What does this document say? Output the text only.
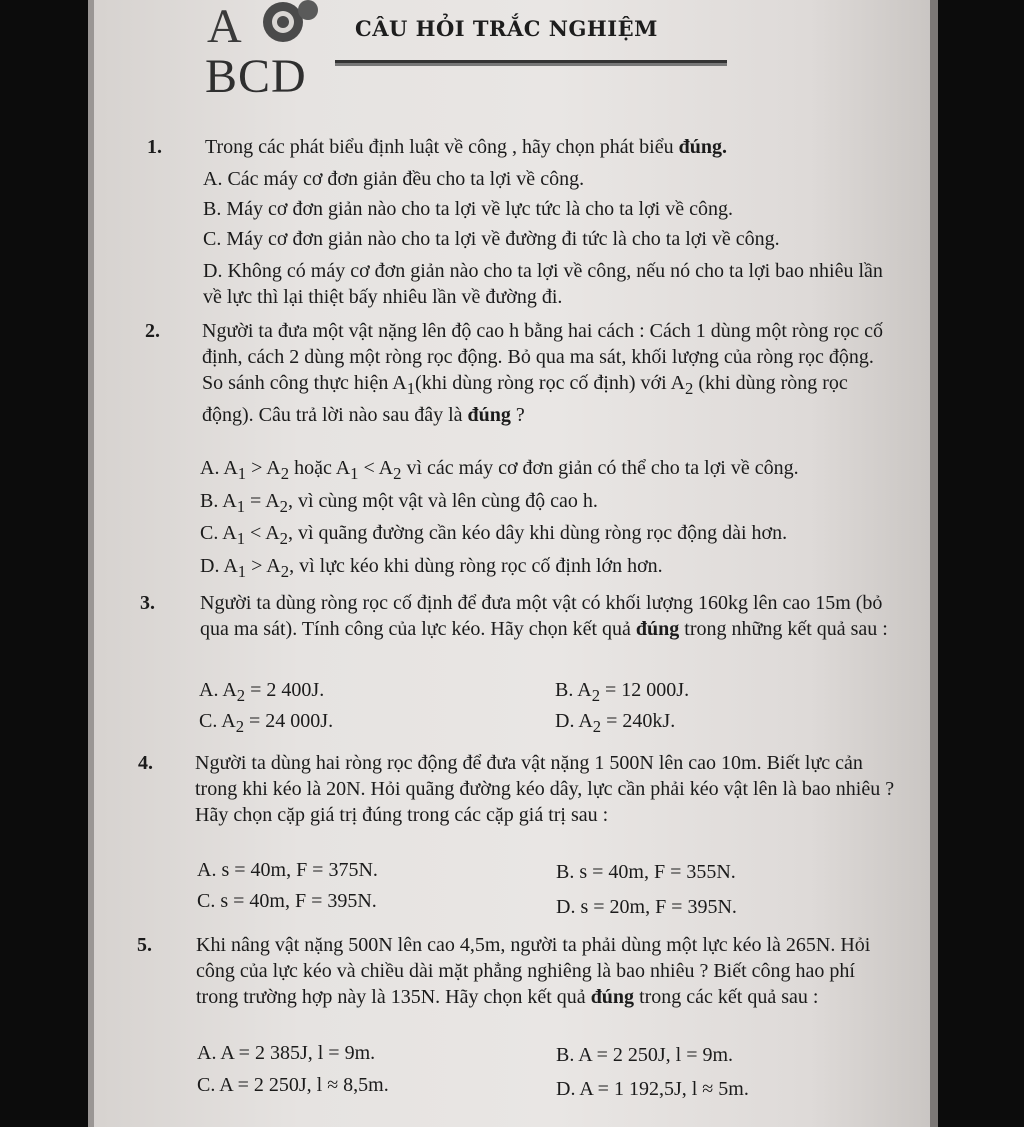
A
BCD
CÂU HỎI TRẮC NGHIỆM
1. Trong các phát biểu định luật về công , hãy chọn phát biểu đúng.
A. Các máy cơ đơn giản đều cho ta lợi về công.
B. Máy cơ đơn giản nào cho ta lợi về lực tức là cho ta lợi về công.
C. Máy cơ đơn giản nào cho ta lợi về đường đi tức là cho ta lợi về công.
D. Không có máy cơ đơn giản nào cho ta lợi về công, nếu nó cho ta lợi bao nhiêu lần về lực thì lại thiệt bấy nhiêu lần về đường đi.
2. Người ta đưa một vật nặng lên độ cao h bằng hai cách : Cách 1 dùng một ròng rọc cố định, cách 2 dùng một ròng rọc động. Bỏ qua ma sát, khối lượng của ròng rọc động. So sánh công thực hiện $A_1(khi$ dùng ròng rọc cố định) với $A_2$ (khi dùng ròng rọc động). Câu trả lời nào sau đây là đúng ?
A. $A_1 > A_2$ hoặc $A_1 < A_2$ vì các máy cơ đơn giản có thể cho ta lợi về công.
B. $A_1 = A_2$, vì cùng một vật và lên cùng độ cao h.
C. $A_1 < A_2$, vì quãng đường cần kéo dây khi dùng ròng rọc động dài hơn.
D. $A_1 > A_2$, vì lực kéo khi dùng ròng rọc cố định lớn hơn.
3. Người ta dùng ròng rọc cố định để đưa một vật có khối lượng 160kg lên cao 15m (bỏ qua ma sát). Tính công của lực kéo. Hãy chọn kết quả đúng trong những kết quả sau :
A. $A_2 = 2$ 400J.	B. $A_2 = 12$ 000J.
C. $A_2 = 24$ 000J.	D. $A_2 = 240kJ$.
4. Người ta dùng hai ròng rọc động để đưa vật nặng 1 500N lên cao 10m. Biết lực cản trong khi kéo là 20N. Hỏi quãng đường kéo dây, lực cần phải kéo vật lên là bao nhiêu ? Hãy chọn cặp giá trị đúng trong các cặp giá trị sau :
A. s = 40m, F = 375N.	B. s = 40m, F = 355N.
C. s = 40m, F = 395N.	D. s = 20m, F = 395N.
5. Khi nâng vật nặng 500N lên cao 4,5m, người ta phải dùng một lực kéo là 265N. Hỏi công của lực kéo và chiều dài mặt phẳng nghiêng là bao nhiêu ? Biết công hao phí trong trường hợp này là 135N. Hãy chọn kết quả đúng trong các kết quả sau :
A. A = 2 385J, l = 9m.	B. A = 2 250J, l = 9m.
C. A = 2 250J, l ≈ 8,5m.	D. A = 1 192,5J, l ≈ 5m.
